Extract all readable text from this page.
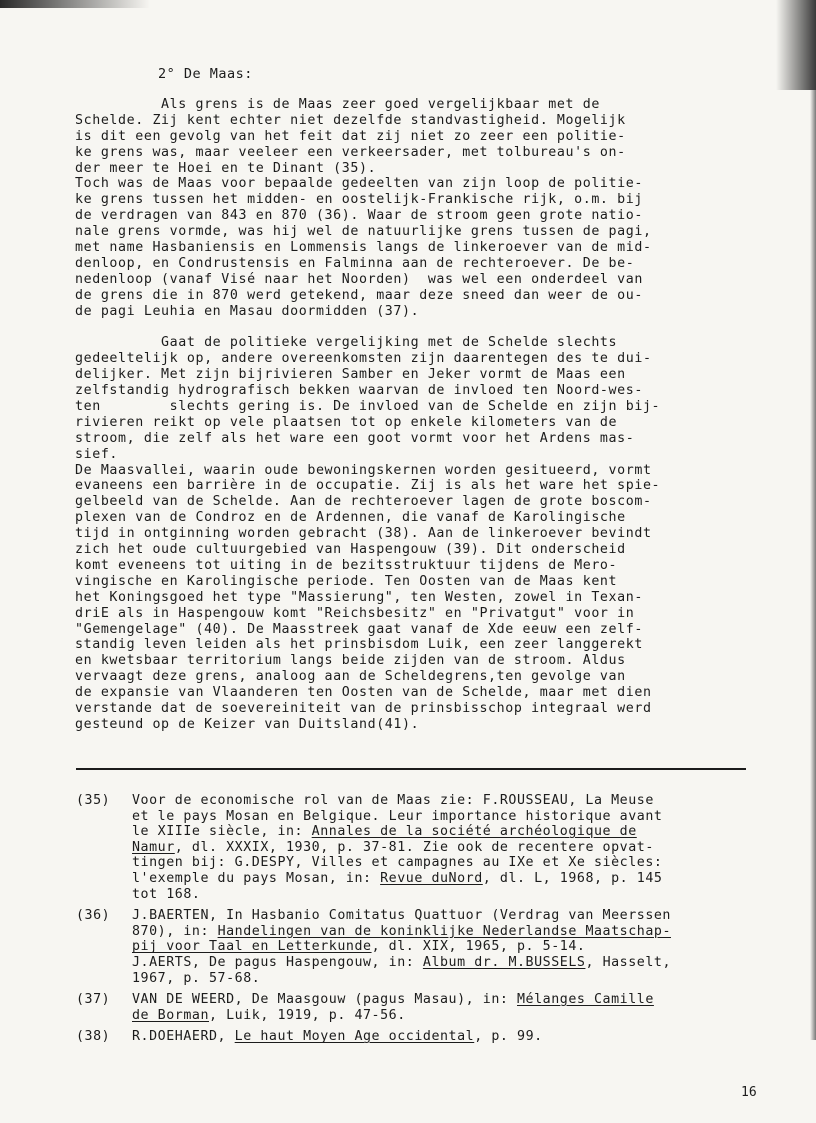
2° De Maas:
Als grens is de Maas zeer goed vergelijkbaar met de
Schelde. Zij kent echter niet dezelfde standvastigheid. Mogelijk
is dit een gevolg van het feit dat zij niet zo zeer een politie-
ke grens was, maar veeleer een verkeersader, met tolbureau's on-
der meer te Hoei en te Dinant (35).
Toch was de Maas voor bepaalde gedeelten van zijn loop de politie-
ke grens tussen het midden- en oostelijk-Frankische rijk, o.m. bij
de verdragen van 843 en 870 (36). Waar de stroom geen grote natio-
nale grens vormde, was hij wel de natuurlijke grens tussen de pagi,
met name Hasbaniensis en Lommensis langs de linkeroever van de mid-
denloop, en Condrustensis en Falminna aan de rechteroever. De be-
nedenloop (vanaf Visé naar het Noorden)  was wel een onderdeel van
de grens die in 870 werd getekend, maar deze sneed dan weer de ou-
de pagi Leuhia en Masau doormidden (37).
Gaat de politieke vergelijking met de Schelde slechts
gedeeltelijk op, andere overeenkomsten zijn daarentegen des te dui-
delijker. Met zijn bijrivieren Samber en Jeker vormt de Maas een
zelfstandig hydrografisch bekken waarvan de invloed ten Noord-wes-
ten        slechts gering is. De invloed van de Schelde en zijn bij-
rivieren reikt op vele plaatsen tot op enkele kilometers van de
stroom, die zelf als het ware een goot vormt voor het Ardens mas-
sief.
De Maasvallei, waarin oude bewoningskernen worden gesitueerd, vormt
evaneens een barrière in de occupatie. Zij is als het ware het spie-
gelbeeld van de Schelde. Aan de rechteroever lagen de grote boscom-
plexen van de Condroz en de Ardennen, die vanaf de Karolingische
tijd in ontginning worden gebracht (38). Aan de linkeroever bevindt
zich het oude cultuurgebied van Haspengouw (39). Dit onderscheid
komt eveneens tot uiting in de bezitsstruktuur tijdens de Mero-
vingische en Karolingische periode. Ten Oosten van de Maas kent
het Koningsgoed het type "Massierung", ten Westen, zowel in Texan-
driE als in Haspengouw komt "Reichsbesitz" en "Privatgut" voor in
"Gemengelage" (40). De Maasstreek gaat vanaf de Xde eeuw een zelf-
standig leven leiden als het prinsbisdom Luik, een zeer langgerekt
en kwetsbaar territorium langs beide zijden van de stroom. Aldus
vervaagt deze grens, analoog aan de Scheldegrens,ten gevolge van
de expansie van Vlaanderen ten Oosten van de Schelde, maar met dien
verstande dat de soevereiniteit van de prinsbisschop integraal werd
gesteund op de Keizer van Duitsland(41).
(35)	Voor de economische rol van de Maas zie: F.ROUSSEAU, La Meuse
et le pays Mosan en Belgique. Leur importance historique avant
le XIIIe siècle, in: Annales de la société archéologique de
Namur, dl. XXXIX, 1930, p. 37-81. Zie ook de recentere opvat-
tingen bij: G.DESPY, Villes et campagnes au IXe et Xe siècles:
l'exemple du pays Mosan, in: Revue duNord, dl. L, 1968, p. 145
tot 168.
(36)	J.BAERTEN, In Hasbanio Comitatus Quattuor (Verdrag van Meerssen
870), in: Handelingen van de koninklijke Nederlandse Maatschap-
pij voor Taal en Letterkunde, dl. XIX, 1965, p. 5-14.
J.AERTS, De pagus Haspengouw, in: Album dr. M.BUSSELS, Hasselt,
1967, p. 57-68.
(37)	VAN DE WEERD, De Maasgouw (pagus Masau), in: Mélanges Camille
de Borman, Luik, 1919, p. 47-56.
(38)	R.DOEHAERD, Le haut Moyen Age occidental, p. 99.
16
